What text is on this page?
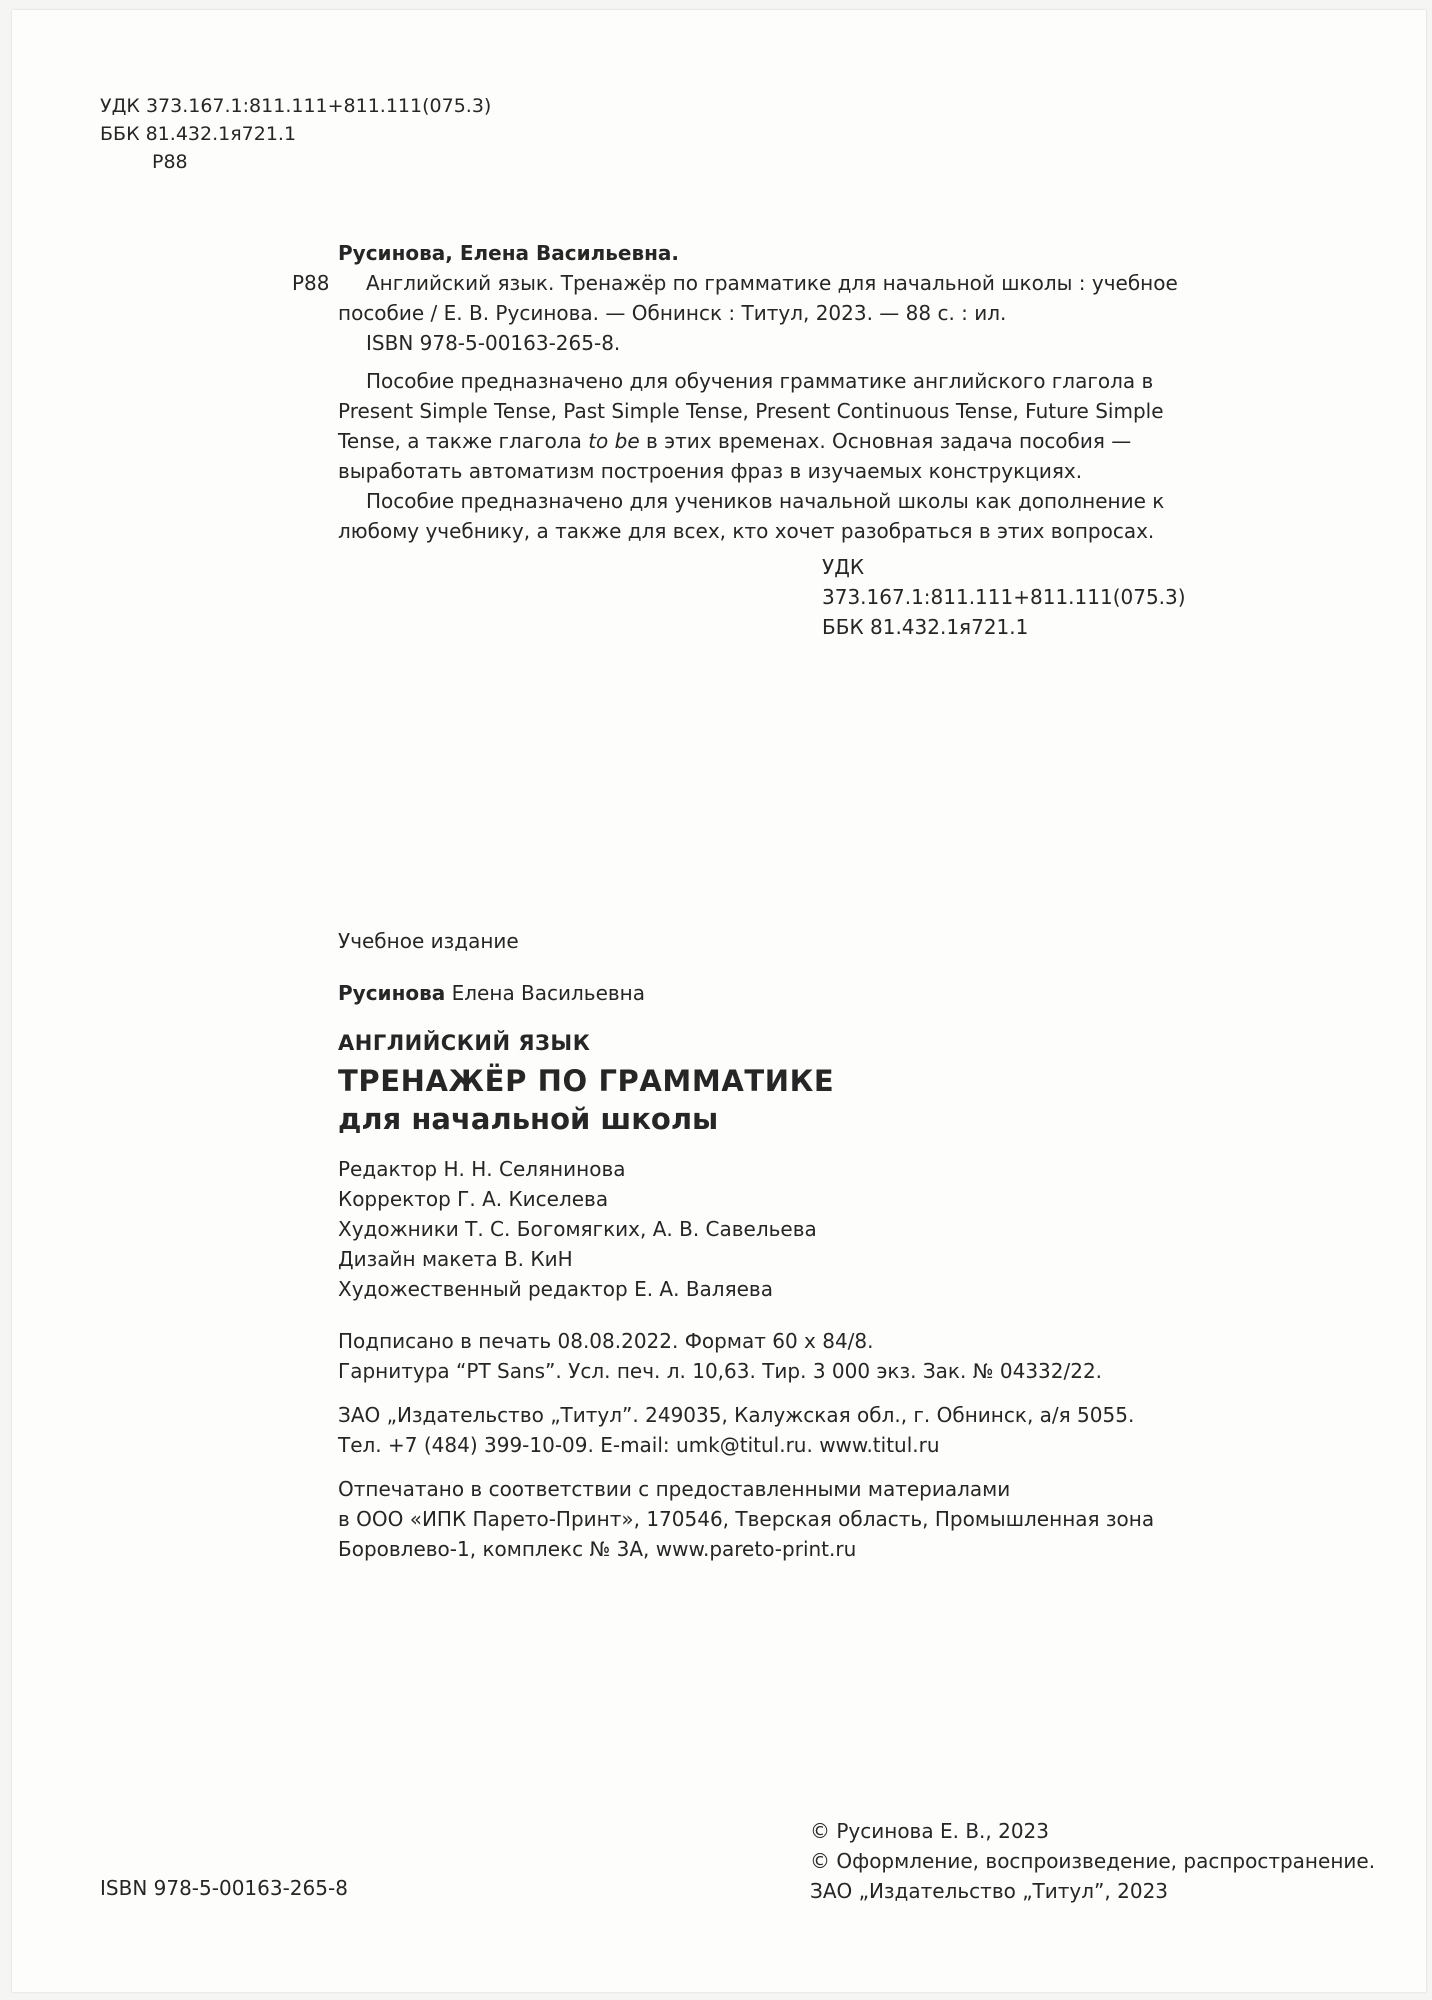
УДК 373.167.1:811.111+811.111(075.3)
ББК 81.432.1я721.1
Р88

Русинова, Елена Васильевна.

Р88	Английский язык. Тренажёр по грамматике для начальной школы : учебное

пособие / Е. В. Русинова. — Обнинск : Титул, 2023. — 88 с. : ил.

ISBN 978-5-00163-265-8.

Пособие предназначено для обучения грамматике английского глагола в Present Simple Tense, Past Simple Tense, Present Continuous Tense, Future Simple Tense, а также глагола to be в этих временах. Основная задача пособия — выработать автоматизм построения фраз в изучаемых конструкциях.

Пособие предназначено для учеников начальной школы как дополнение к любому учебнику, а также для всех, кто хочет разобраться в этих вопросах.

УДК 373.167.1:811.111+811.111(075.3)

ББК 81.432.1я721.1

Учебное издание

Русинова Елена Васильевна

АНГЛИЙСКИЙ ЯЗЫК

ТРЕНАЖЁР ПО ГРАММАТИКЕ

для начальной школы

Редактор Н. Н. Селянинова

Корректор Г. А. Киселева

Художники Т. С. Богомягких, А. В. Савельева

Дизайн макета В. КиН

Художественный редактор Е. А. Валяева

Подписано в печать 08.08.2022. Формат 60 х 84/8.

Гарнитура “PT Sans”. Усл. печ. л. 10,63. Тир. 3 000 экз. Зак. № 04332/22.

ЗАО „Издательство „Титул”. 249035, Калужская обл., г. Обнинск, а/я 5055.

Тел. +7 (484) 399-10-09. E-mail: umk@titul.ru. www.titul.ru

Отпечатано в соответствии с предоставленными материалами

в ООО «ИПК Парето-Принт», 170546, Тверская область, Промышленная зона

Боровлево-1, комплекс № 3А, www.pareto-print.ru

© Русинова Е. В., 2023

© Оформление, воспроизведение, распространение.

ЗАО „Издательство „Титул”, 2023

ISBN 978-5-00163-265-8
